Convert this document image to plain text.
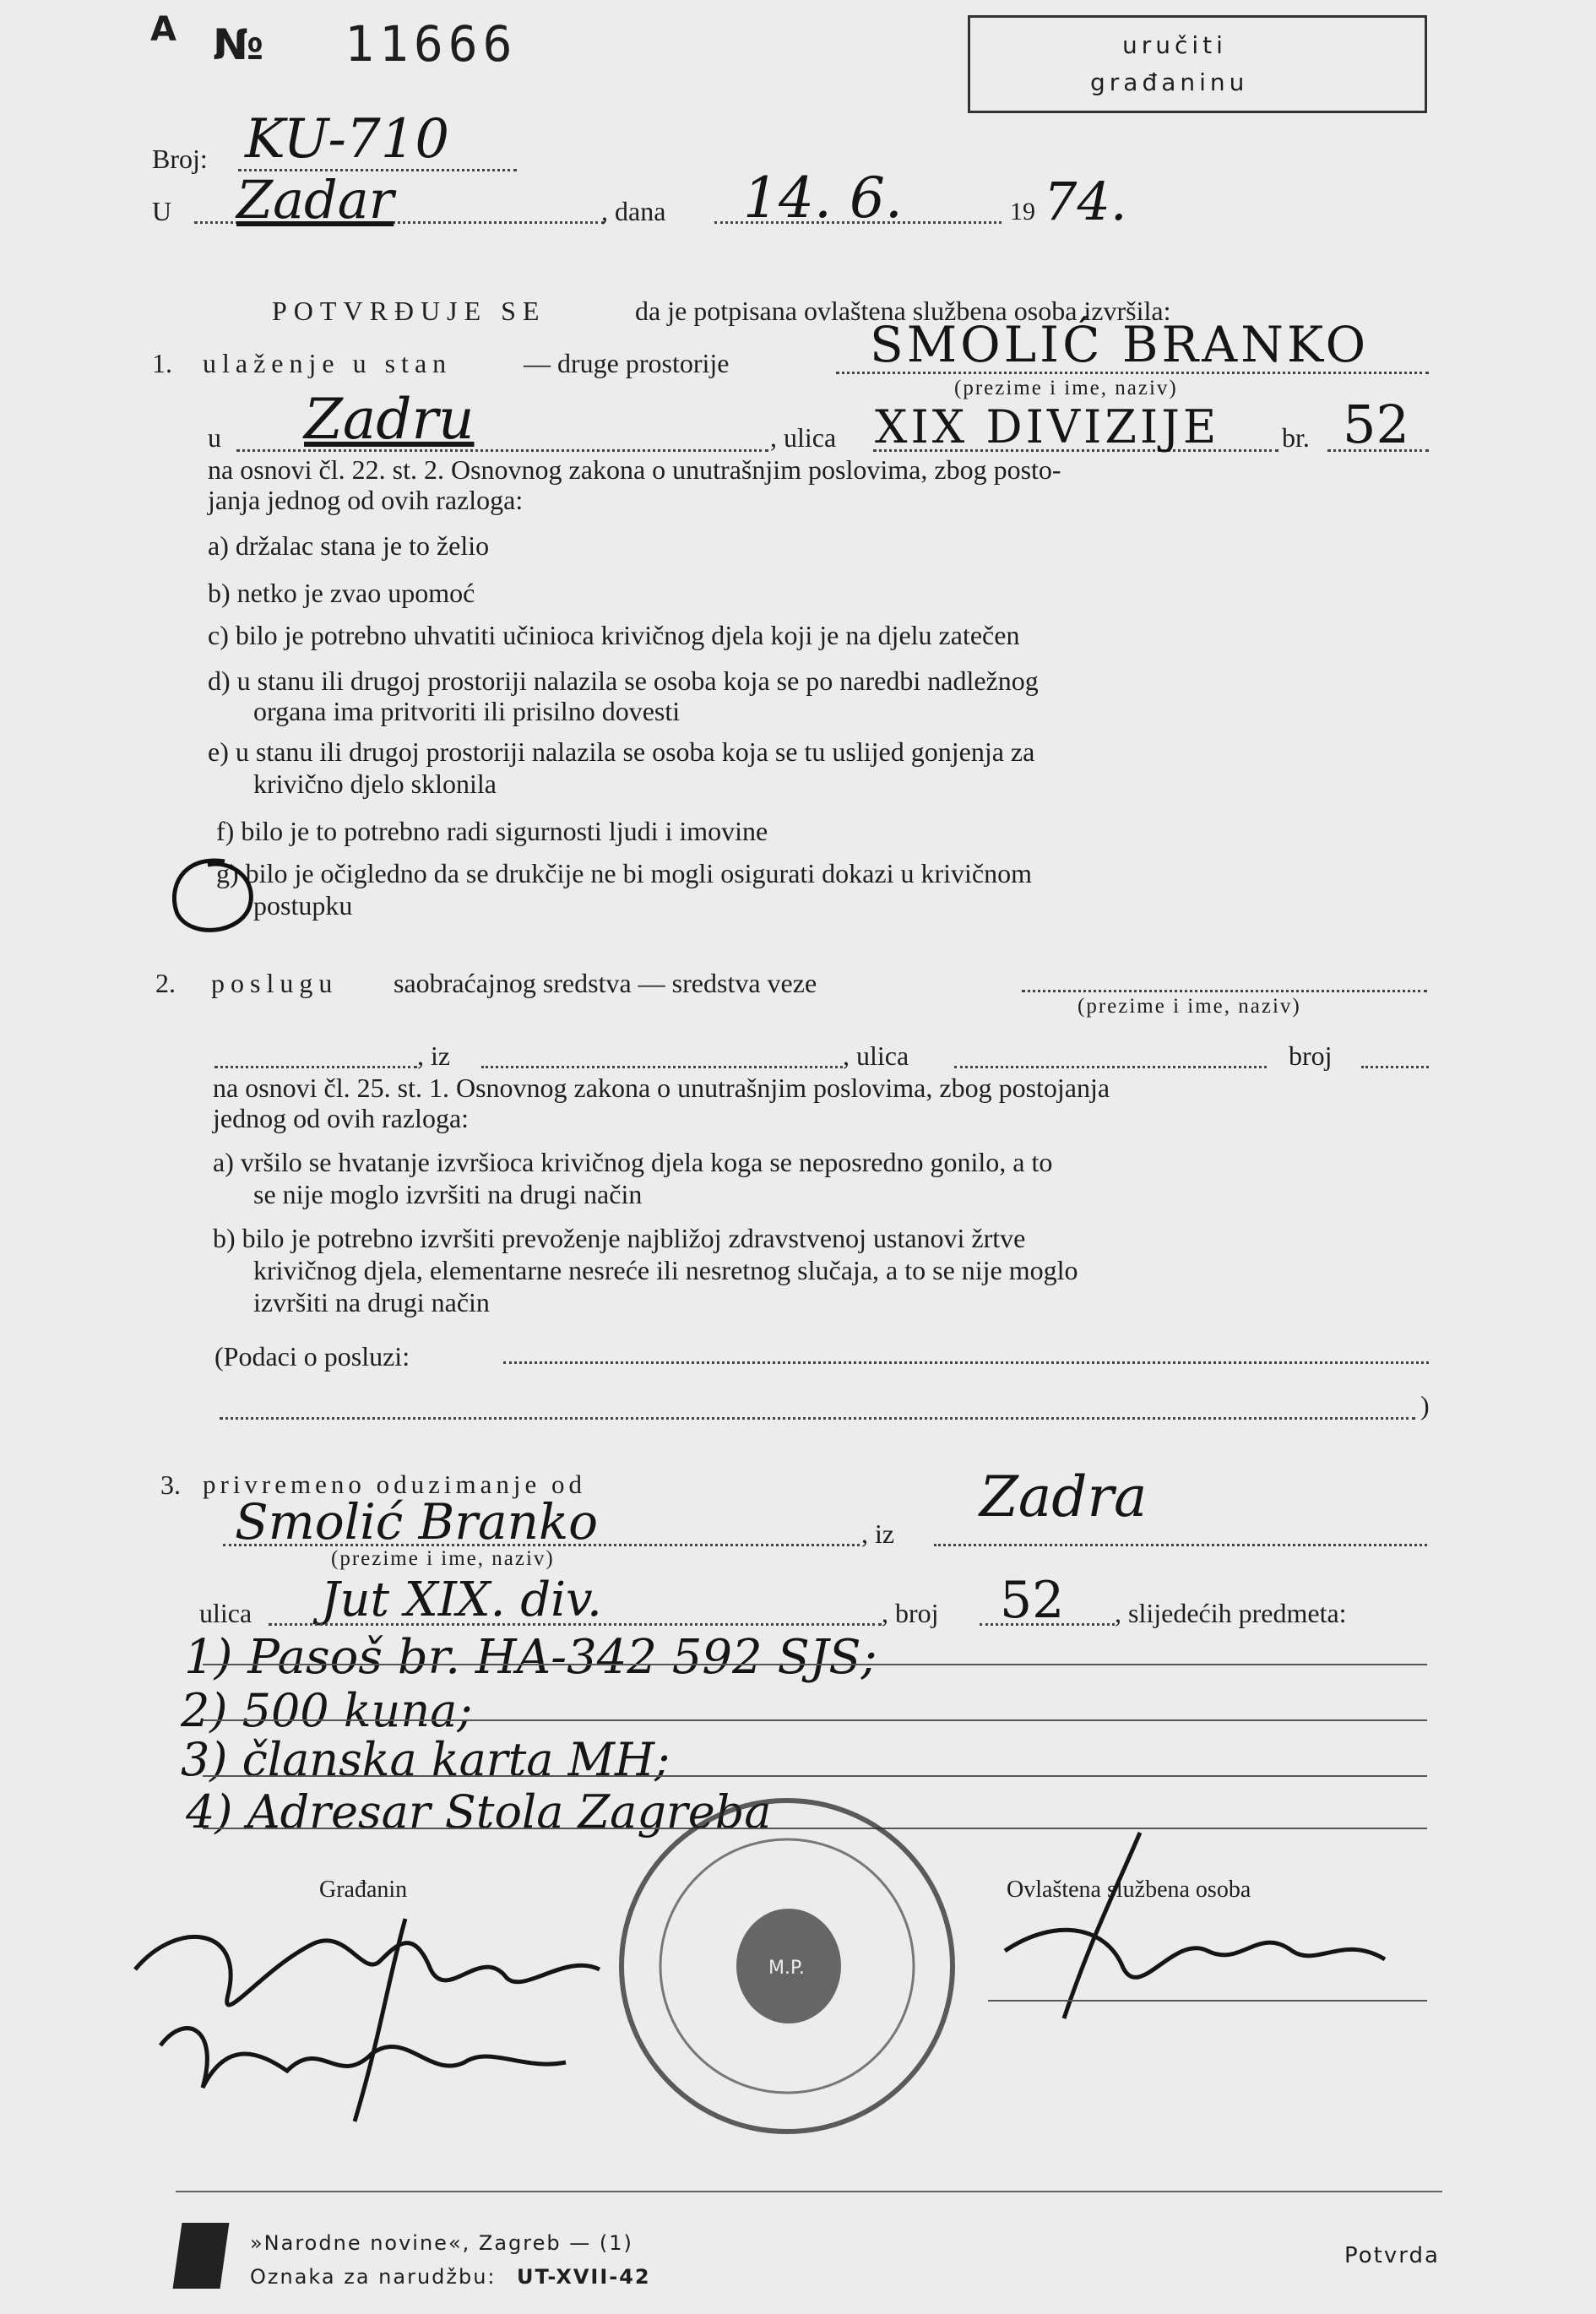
A № 11666	uručiti
građaninu
Broj: KU-710
U Zadar	, dana 14. 6.	19 74.
POTVRĐUJE SE	da je potpisana ovlaštena službena osoba izvršila:
1. ulaženje u stan	— druge prostorije	SMOLIĆ BRANKO
(prezime i ime, naziv)
u Zadru	, ulica XIX DIVIZIJE br. 52
na osnovi čl. 22. st. 2. Osnovnog zakona o unutrašnjim poslovima, zbog posto-
janja jednog od ovih razloga:
a) držalac stana je to želio
b) netko je zvao upomoć
c) bilo je potrebno uhvatiti učinioca krivičnog djela koji je na djelu zatečen
d) u stanu ili drugoj prostoriji nalazila se osoba koja se po naredbi nadležnog
organa ima pritvoriti ili prisilno dovesti
e) u stanu ili drugoj prostoriji nalazila se osoba koja se tu uslijed gonjenja za
krivično djelo sklonila
f) bilo je to potrebno radi sigurnosti ljudi i imovine
g) bilo je očigledno da se drukčije ne bi mogli osigurati dokazi u krivičnom
postupku
2. poslugu saobraćajnog sredstva — sredstva veze
(prezime i ime, naziv)
, iz	, ulica	broj
na osnovi čl. 25. st. 1. Osnovnog zakona o unutrašnjim poslovima, zbog postojanja
jednog od ovih razloga:
a) vršilo se hvatanje izvršioca krivičnog djela koga se neposredno gonilo, a to
se nije moglo izvršiti na drugi način
b) bilo je potrebno izvršiti prevoženje najbližoj zdravstvenoj ustanovi žrtve
krivičnog djela, elementarne nesreće ili nesretnog slučaja, a to se nije moglo
izvršiti na drugi način
(Podaci o posluzi:
)
3. privremeno oduzimanje od
Smolić Branko	, iz
Zadra
(prezime i ime, naziv)
ulica Jut XIX. div.	, broj 52 , slijedećih predmeta:
1) Pasoš br. HA-342 592 SJS;
2) 500 kuna;
3) članska karta MH;
4) Adresar Stola Zagreba
Građanin	Ovlaštena službena osoba
M.P.
»Narodne novine«, Zagreb — (1)
Oznaka za narudžbu: UT-XVII-42
Potvrda
